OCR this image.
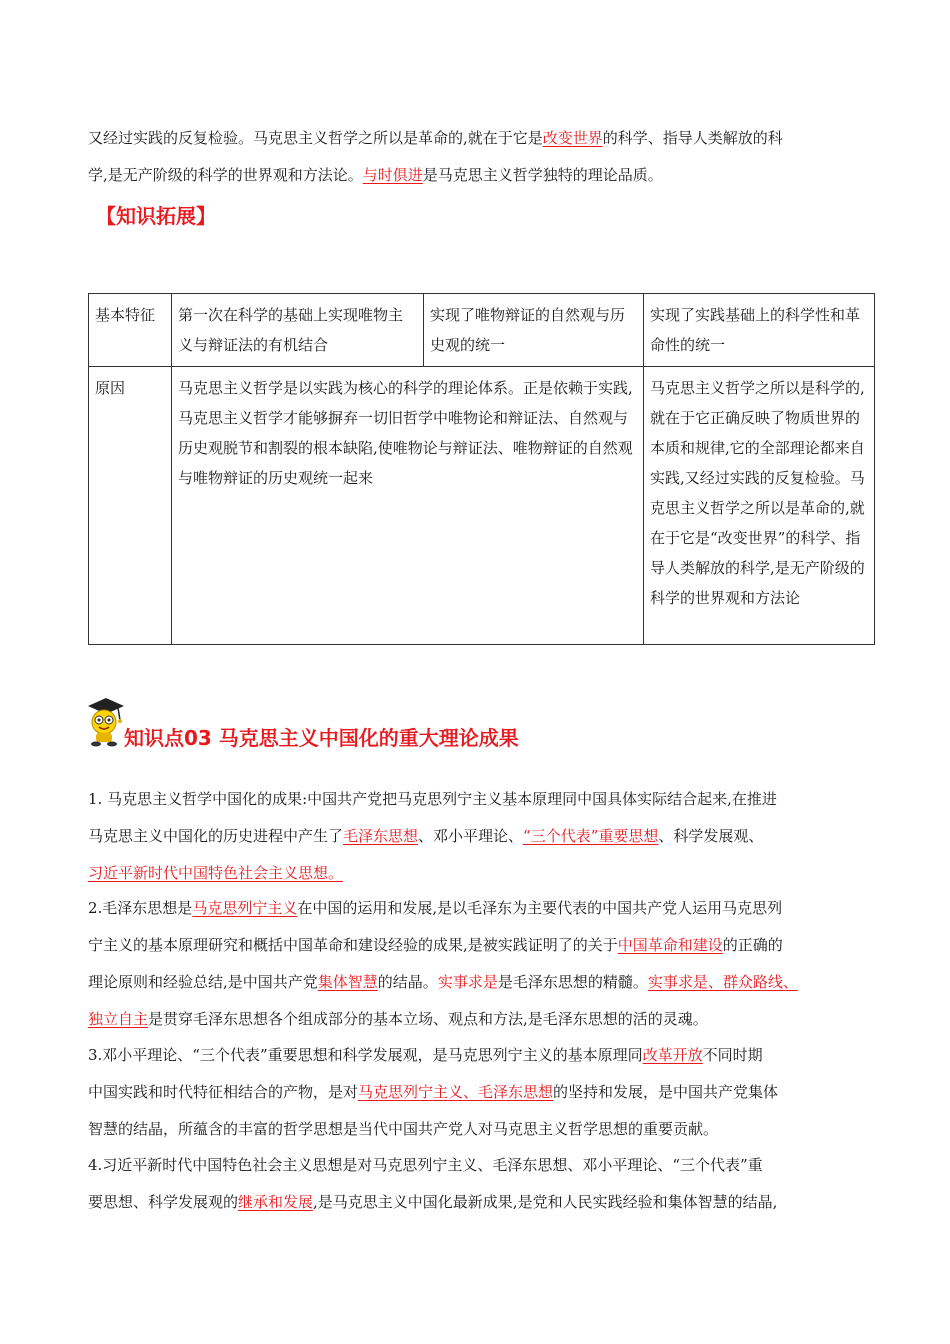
又经过实践的反复检验。马克思主义哲学之所以是革命的,就在于它是改变世界的科学、指导人类解放的科
学,是无产阶级的科学的世界观和方法论。与时俱进是马克思主义哲学独特的理论品质。
【知识拓展】
基本特征	第一次在科学的基础上实现唯物主义与辩证法的有机结合	实现了唯物辩证的自然观与历史观的统一	实现了实践基础上的科学性和革命性的统一
原因	马克思主义哲学是以实践为核心的科学的理论体系。正是依赖于实践,马克思主义哲学才能够摒弃一切旧哲学中唯物论和辩证法、自然观与历史观脱节和割裂的根本缺陷,使唯物论与辩证法、唯物辩证的自然观与唯物辩证的历史观统一起来		马克思主义哲学之所以是科学的,就在于它正确反映了物质世界的本质和规律,它的全部理论都来自实践,又经过实践的反复检验。马克思主义哲学之所以是革命的,就在于它是“改变世界”的科学、指导人类解放的科学,是无产阶级的科学的世界观和方法论
知识点03 马克思主义中国化的重大理论成果
1. 马克思主义哲学中国化的成果:中国共产党把马克思列宁主义基本原理同中国具体实际结合起来,在推进
马克思主义中国化的历史进程中产生了毛泽东思想、邓小平理论、“三个代表”重要思想、科学发展观、
习近平新时代中国特色社会主义思想。
2.毛泽东思想是马克思列宁主义在中国的运用和发展,是以毛泽东为主要代表的中国共产党人运用马克思列
宁主义的基本原理研究和概括中国革命和建设经验的成果,是被实践证明了的关于中国革命和建设的正确的
理论原则和经验总结,是中国共产党集体智慧的结晶。实事求是是毛泽东思想的精髓。实事求是、群众路线、
独立自主是贯穿毛泽东思想各个组成部分的基本立场、观点和方法,是毛泽东思想的活的灵魂。
3.邓小平理论、“三个代表”重要思想和科学发展观，是马克思列宁主义的基本原理同改革开放不同时期
中国实践和时代特征相结合的产物，是对马克思列宁主义、毛泽东思想的坚持和发展，是中国共产党集体
智慧的结晶，所蕴含的丰富的哲学思想是当代中国共产党人对马克思主义哲学思想的重要贡献。
4.习近平新时代中国特色社会主义思想是对马克思列宁主义、毛泽东思想、邓小平理论、“三个代表”重
要思想、科学发展观的继承和发展,是马克思主义中国化最新成果,是党和人民实践经验和集体智慧的结晶,
